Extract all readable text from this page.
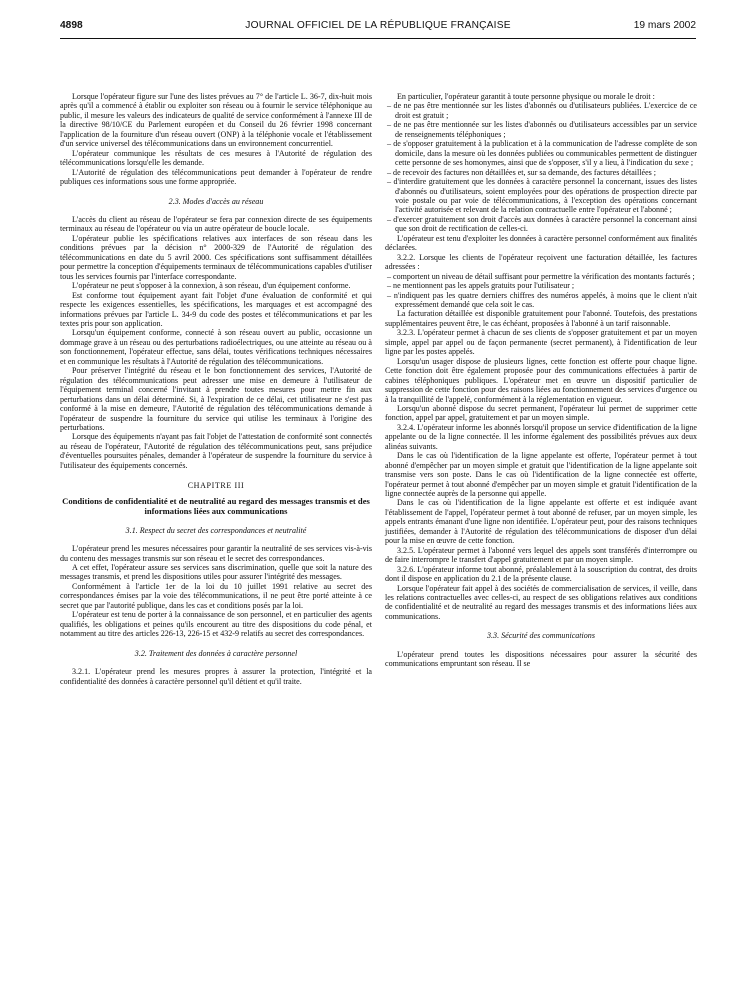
4898	JOURNAL OFFICIEL DE LA RÉPUBLIQUE FRANÇAISE	19 mars 2002

Lorsque l'opérateur figure sur l'une des listes prévues au 7° de l'article L. 36-7, dix-huit mois après qu'il a commencé à établir ou exploiter son réseau ou à fournir le service téléphonique au public, il mesure les valeurs des indicateurs de qualité de service conformément à l'annexe III de la directive 98/10/CE du Parlement européen et du Conseil du 26 février 1998 concernant l'application de la fourniture d'un réseau ouvert (ONP) à la téléphonie vocale et l'établissement d'un service universel des télécommunications dans un environnement concurrentiel.

L'opérateur communique les résultats de ces mesures à l'Autorité de régulation des télécommunications lorsqu'elle les demande.

L'Autorité de régulation des télécommunications peut demander à l'opérateur de rendre publiques ces informations sous une forme appropriée.

2.3. Modes d'accès au réseau

L'accès du client au réseau de l'opérateur se fera par connexion directe de ses équipements terminaux au réseau de l'opérateur ou via un autre opérateur de boucle locale.

L'opérateur publie les spécifications relatives aux interfaces de son réseau dans les conditions prévues par la décision n° 2000-329 de l'Autorité de régulation des télécommunications en date du 5 avril 2000. Ces spécifications sont suffisamment détaillées pour permettre la conception d'équipements terminaux de télécommunications capables d'utiliser tous les services fournis par l'interface correspondante.

L'opérateur ne peut s'opposer à la connexion, à son réseau, d'un équipement conforme.

Est conforme tout équipement ayant fait l'objet d'une évaluation de conformité et qui respecte les exigences essentielles, les spécifications, les marquages et est accompagné des informations prévues par l'article L. 34-9 du code des postes et télécommunications et par les textes pris pour son application.

Lorsqu'un équipement conforme, connecté à son réseau ouvert au public, occasionne un dommage grave à un réseau ou des perturbations radioélectriques, ou une atteinte au réseau ou à son fonctionnement, l'opérateur effectue, sans délai, toutes vérifications techniques nécessaires et en communique les résultats à l'Autorité de régulation des télécommunications.

Pour préserver l'intégrité du réseau et le bon fonctionnement des services, l'Autorité de régulation des télécommunications peut adresser une mise en demeure à l'utilisateur de l'équipement terminal concerné l'invitant à prendre toutes mesures pour mettre fin aux perturbations dans un délai déterminé. Si, à l'expiration de ce délai, cet utilisateur ne s'est pas conformé à la mise en demeure, l'Autorité de régulation des télécommunications demande à l'opérateur de suspendre la fourniture du service qui utilise les terminaux à l'origine des perturbations.

Lorsque des équipements n'ayant pas fait l'objet de l'attestation de conformité sont connectés au réseau de l'opérateur, l'Autorité de régulation des télécommunications peut, sans préjudice d'éventuelles poursuites pénales, demander à l'opérateur de suspendre la fourniture du service à l'utilisateur des équipements concernés.

CHAPITRE III

Conditions de confidentialité et de neutralité au regard des messages transmis et des informations liées aux communications

3.1. Respect du secret des correspondances et neutralité

L'opérateur prend les mesures nécessaires pour garantir la neutralité de ses services vis-à-vis du contenu des messages transmis sur son réseau et le secret des correspondances.

A cet effet, l'opérateur assure ses services sans discrimination, quelle que soit la nature des messages transmis, et prend les dispositions utiles pour assurer l'intégrité des messages.

Conformément à l'article 1er de la loi du 10 juillet 1991 relative au secret des correspondances émises par la voie des télécommunications, il ne peut être porté atteinte à ce secret que par l'autorité publique, dans les cas et conditions posés par la loi.

L'opérateur est tenu de porter à la connaissance de son personnel, et en particulier des agents qualifiés, les obligations et peines qu'ils encourent au titre des dispositions du code pénal, et notamment au titre des articles 226-13, 226-15 et 432-9 relatifs au secret des correspondances.

3.2. Traitement des données à caractère personnel

3.2.1. L'opérateur prend les mesures propres à assurer la protection, l'intégrité et la confidentialité des données à caractère personnel qu'il détient et qu'il traite.

En particulier, l'opérateur garantit à toute personne physique ou morale le droit :

– de ne pas être mentionnée sur les listes d'abonnés ou d'utilisateurs publiées. L'exercice de ce droit est gratuit ;
– de ne pas être mentionnée sur les listes d'abonnés ou d'utilisateurs accessibles par un service de renseignements téléphoniques ;
– de s'opposer gratuitement à la publication et à la communication de l'adresse complète de son domicile, dans la mesure où les données publiées ou communicables permettent de distinguer cette personne de ses homonymes, ainsi que de s'opposer, s'il y a lieu, à l'indication du sexe ;
– de recevoir des factures non détaillées et, sur sa demande, des factures détaillées ;
– d'interdire gratuitement que les données à caractère personnel la concernant, issues des listes d'abonnés ou d'utilisateurs, soient employées pour des opérations de prospection directe par voie postale ou par voie de télécommunications, à l'exception des opérations concernant l'activité autorisée et relevant de la relation contractuelle entre l'opérateur et l'abonné ;
– d'exercer gratuitement son droit d'accès aux données à caractère personnel la concernant ainsi que son droit de rectification de celles-ci.

L'opérateur est tenu d'exploiter les données à caractère personnel conformément aux finalités déclarées.

3.2.2. Lorsque les clients de l'opérateur reçoivent une facturation détaillée, les factures adressées :

– comportent un niveau de détail suffisant pour permettre la vérification des montants facturés ;
– ne mentionnent pas les appels gratuits pour l'utilisateur ;
– n'indiquent pas les quatre derniers chiffres des numéros appelés, à moins que le client n'ait expressément demandé que cela soit le cas.

La facturation détaillée est disponible gratuitement pour l'abonné. Toutefois, des prestations supplémentaires peuvent être, le cas échéant, proposées à l'abonné à un tarif raisonnable.

3.2.3. L'opérateur permet à chacun de ses clients de s'opposer gratuitement et par un moyen simple, appel par appel ou de façon permanente (secret permanent), à l'identification de leur ligne par les postes appelés.

Lorsqu'un usager dispose de plusieurs lignes, cette fonction est offerte pour chaque ligne. Cette fonction doit être également proposée pour des communications effectuées à partir de cabines téléphoniques publiques. L'opérateur met en œuvre un dispositif particulier de suppression de cette fonction pour des raisons liées au fonctionnement des services d'urgence ou à la tranquillité de l'appelé, conformément à la réglementation en vigueur.

Lorsqu'un abonné dispose du secret permanent, l'opérateur lui permet de supprimer cette fonction, appel par appel, gratuitement et par un moyen simple.

3.2.4. L'opérateur informe les abonnés lorsqu'il propose un service d'identification de la ligne appelante ou de la ligne connectée. Il les informe également des possibilités prévues aux deux alinéas suivants.

Dans le cas où l'identification de la ligne appelante est offerte, l'opérateur permet à tout abonné d'empêcher par un moyen simple et gratuit que l'identification de la ligne appelante soit transmise vers son poste. Dans le cas où l'identification de la ligne connectée est offerte, l'opérateur permet à tout abonné d'empêcher par un moyen simple et gratuit l'identification de la ligne connectée auprès de la personne qui appelle.

Dans le cas où l'identification de la ligne appelante est offerte et est indiquée avant l'établissement de l'appel, l'opérateur permet à tout abonné de refuser, par un moyen simple, les appels entrants émanant d'une ligne non identifiée. L'opérateur peut, pour des raisons techniques justifiées, demander à l'Autorité de régulation des télécommunications de disposer d'un délai pour la mise en œuvre de cette fonction.

3.2.5. L'opérateur permet à l'abonné vers lequel des appels sont transférés d'interrompre ou de faire interrompre le transfert d'appel gratuitement et par un moyen simple.

3.2.6. L'opérateur informe tout abonné, préalablement à la souscription du contrat, des droits dont il dispose en application du 2.1 de la présente clause.

Lorsque l'opérateur fait appel à des sociétés de commercialisation de services, il veille, dans les relations contractuelles avec celles-ci, au respect de ses obligations relatives aux conditions de confidentialité et de neutralité au regard des messages transmis et des informations liées aux communications.

3.3. Sécurité des communications

L'opérateur prend toutes les dispositions nécessaires pour assurer la sécurité des communications empruntant son réseau. Il se
